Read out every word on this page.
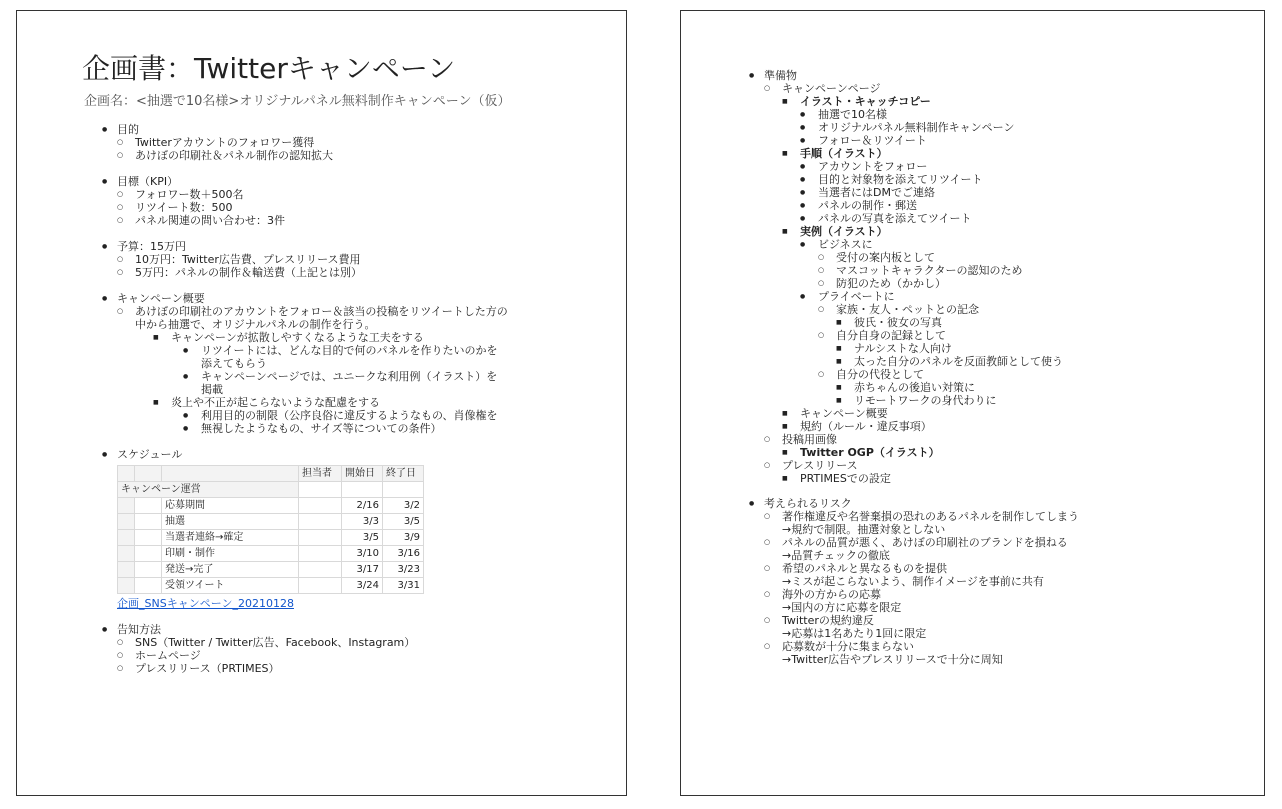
企画書：Twitterキャンペーン
企画名：<抽選で10名様>オリジナルパネル無料制作キャンペーン（仮）
目的
Twitterアカウントのフォロワー獲得
あけぼの印刷社＆パネル制作の認知拡大
目標（KPI）
フォロワー数＋500名
リツイート数：500
パネル関連の問い合わせ：3件
予算：15万円
10万円：Twitter広告費、プレスリリース費用
5万円：パネルの制作＆輸送費（上記とは別）
キャンペーン概要
あけぼの印刷社のアカウントをフォロー＆該当の投稿をリツイートした方の
中から抽選で、オリジナルパネルの制作を行う。
キャンペーンが拡散しやすくなるような工夫をする
リツイートには、どんな目的で何のパネルを作りたいのかを
添えてもらう
キャンペーンページでは、ユニークな利用例（イラスト）を
掲載
炎上や不正が起こらないような配慮をする
利用目的の制限（公序良俗に違反するようなもの、肖像権を
無視したようなもの、サイズ等についての条件）
スケジュール
			担当者	開始日	終了日
キャンペーン運営					
		応募期間		2/16	3/2
		抽選		3/3	3/5
		当選者連絡→確定		3/5	3/9
		印刷・制作		3/10	3/16
		発送→完了		3/17	3/23
		受領ツイート		3/24	3/31
企画_SNSキャンペーン_20210128
告知方法
SNS（Twitter / Twitter広告、Facebook、Instagram）
ホームページ
プレスリリース（PRTIMES）
準備物
キャンペーンページ
イラスト・キャッチコピー
抽選で10名様
オリジナルパネル無料制作キャンペーン
フォロー＆リツイート
手順（イラスト）
アカウントをフォロー
目的と対象物を添えてリツイート
当選者にはDMでご連絡
パネルの制作・郵送
パネルの写真を添えてツイート
実例（イラスト）
ビジネスに
受付の案内板として
マスコットキャラクターの認知のため
防犯のため（かかし）
プライベートに
家族・友人・ペットとの記念
彼氏・彼女の写真
自分自身の記録として
ナルシストな人向け
太った自分のパネルを反面教師として使う
自分の代役として
赤ちゃんの後追い対策に
リモートワークの身代わりに
キャンペーン概要
規約（ルール・違反事項）
投稿用画像
Twitter OGP（イラスト）
プレスリリース
PRTIMESでの設定
考えられるリスク
著作権違反や名誉棄損の恐れのあるパネルを制作してしまう
→規約で制限。抽選対象としない
パネルの品質が悪く、あけぼの印刷社のブランドを損ねる
→品質チェックの徹底
希望のパネルと異なるものを提供
→ミスが起こらないよう、制作イメージを事前に共有
海外の方からの応募
→国内の方に応募を限定
Twitterの規約違反
→応募は1名あたり1回に限定
応募数が十分に集まらない
→Twitter広告やプレスリリースで十分に周知
